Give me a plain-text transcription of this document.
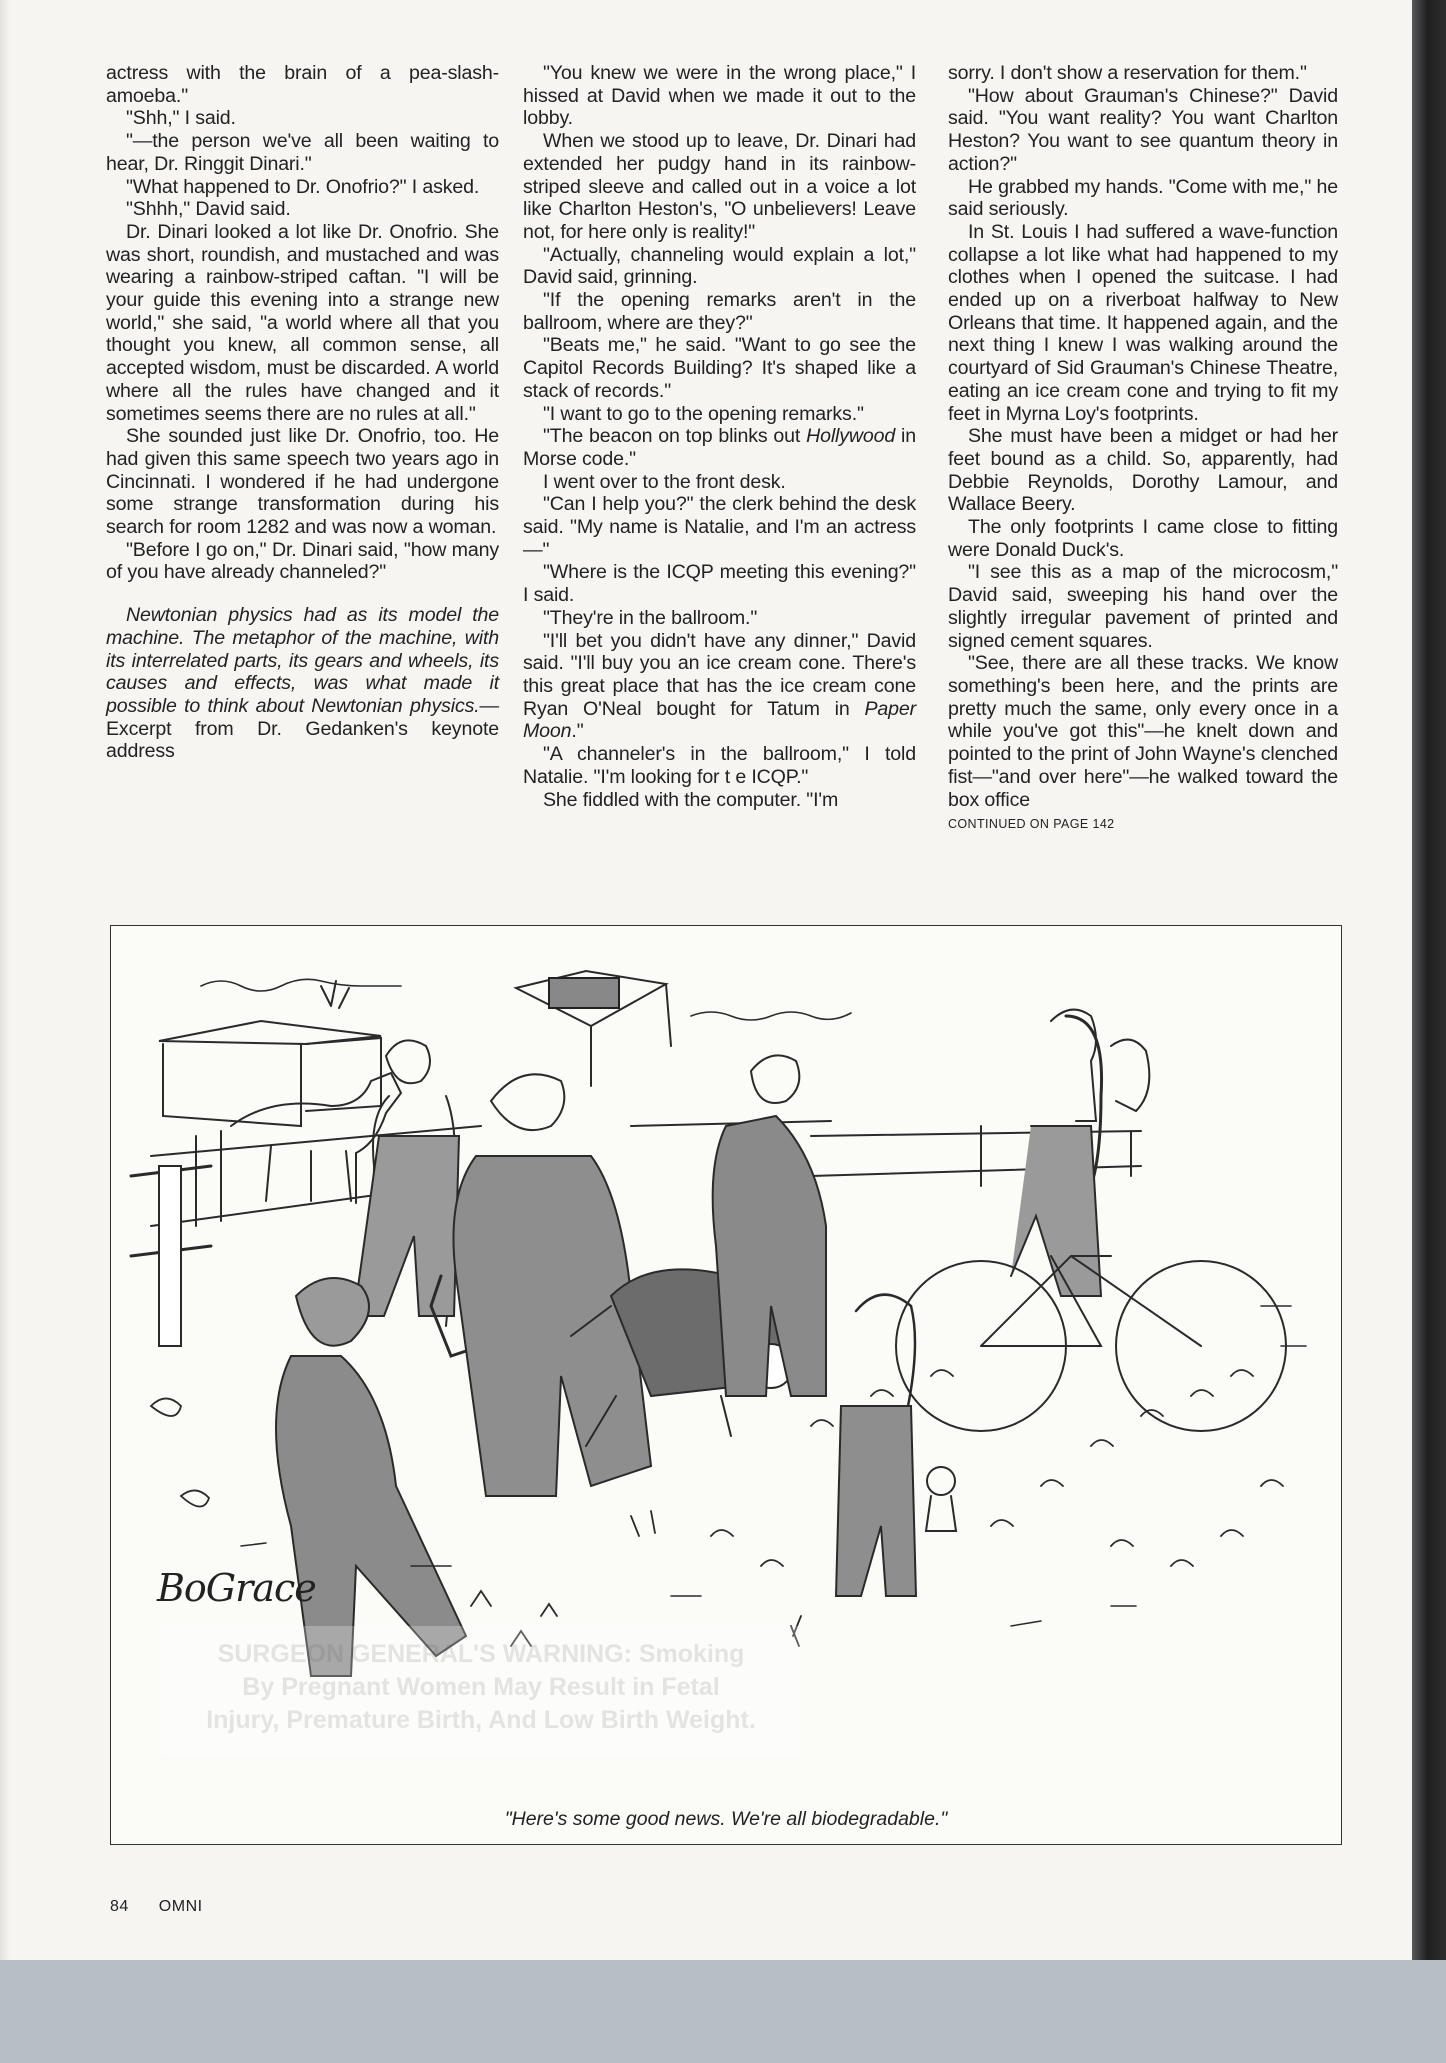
actress with the brain of a pea-slash-amoeba."

"Shh," I said.

"—the person we've all been waiting to hear, Dr. Ringgit Dinari."

"What happened to Dr. Onofrio?" I asked.

"Shhh," David said.

Dr. Dinari looked a lot like Dr. Onofrio. She was short, roundish, and mustached and was wearing a rainbow-striped caftan. "I will be your guide this evening into a strange new world," she said, "a world where all that you thought you knew, all common sense, all accepted wisdom, must be discarded. A world where all the rules have changed and it sometimes seems there are no rules at all."

She sounded just like Dr. Onofrio, too. He had given this same speech two years ago in Cincinnati. I wondered if he had undergone some strange transformation during his search for room 1282 and was now a woman.

"Before I go on," Dr. Dinari said, "how many of you have already channeled?"

Newtonian physics had as its model the machine. The metaphor of the machine, with its interrelated parts, its gears and wheels, its causes and effects, was what made it possible to think about Newtonian physics.—Excerpt from Dr. Gedanken's keynote address

"You knew we were in the wrong place," I hissed at David when we made it out to the lobby.

When we stood up to leave, Dr. Dinari had extended her pudgy hand in its rainbow-striped sleeve and called out in a voice a lot like Charlton Heston's, "O unbelievers! Leave not, for here only is reality!"

"Actually, channeling would explain a lot," David said, grinning.

"If the opening remarks aren't in the ballroom, where are they?"

"Beats me," he said. "Want to go see the Capitol Records Building? It's shaped like a stack of records."

"I want to go to the opening remarks."

"The beacon on top blinks out Hollywood in Morse code."

I went over to the front desk.

"Can I help you?" the clerk behind the desk said. "My name is Natalie, and I'm an actress—"

"Where is the ICQP meeting this evening?" I said.

"They're in the ballroom."

"I'll bet you didn't have any dinner," David said. "I'll buy you an ice cream cone. There's this great place that has the ice cream cone Ryan O'Neal bought for Tatum in Paper Moon."

"A channeler's in the ballroom," I told Natalie. "I'm looking for t e ICQP."

She fiddled with the computer. "I'm

sorry. I don't show a reservation for them."

"How about Grauman's Chinese?" David said. "You want reality? You want Charlton Heston? You want to see quantum theory in action?"

He grabbed my hands. "Come with me," he said seriously.

In St. Louis I had suffered a wave-function collapse a lot like what had happened to my clothes when I opened the suitcase. I had ended up on a riverboat halfway to New Orleans that time. It happened again, and the next thing I knew I was walking around the courtyard of Sid Grauman's Chinese Theatre, eating an ice cream cone and trying to fit my feet in Myrna Loy's footprints.

She must have been a midget or had her feet bound as a child. So, apparently, had Debbie Reynolds, Dorothy Lamour, and Wallace Beery.

The only footprints I came close to fitting were Donald Duck's.

"I see this as a map of the microcosm," David said, sweeping his hand over the slightly irregular pavement of printed and signed cement squares.

"See, there are all these tracks. We know something's been here, and the prints are pretty much the same, only every once in a while you've got this"—he knelt down and pointed to the print of John Wayne's clenched fist—"and over here"—he walked toward the box office

CONTINUED ON PAGE 142

BoGrace
SURGEON GENERAL'S WARNING: Smoking
By Pregnant Women May Result in Fetal
Injury, Premature Birth, And Low Birth Weight.
"Here's some good news. We're all biodegradable."
84 OMNI
